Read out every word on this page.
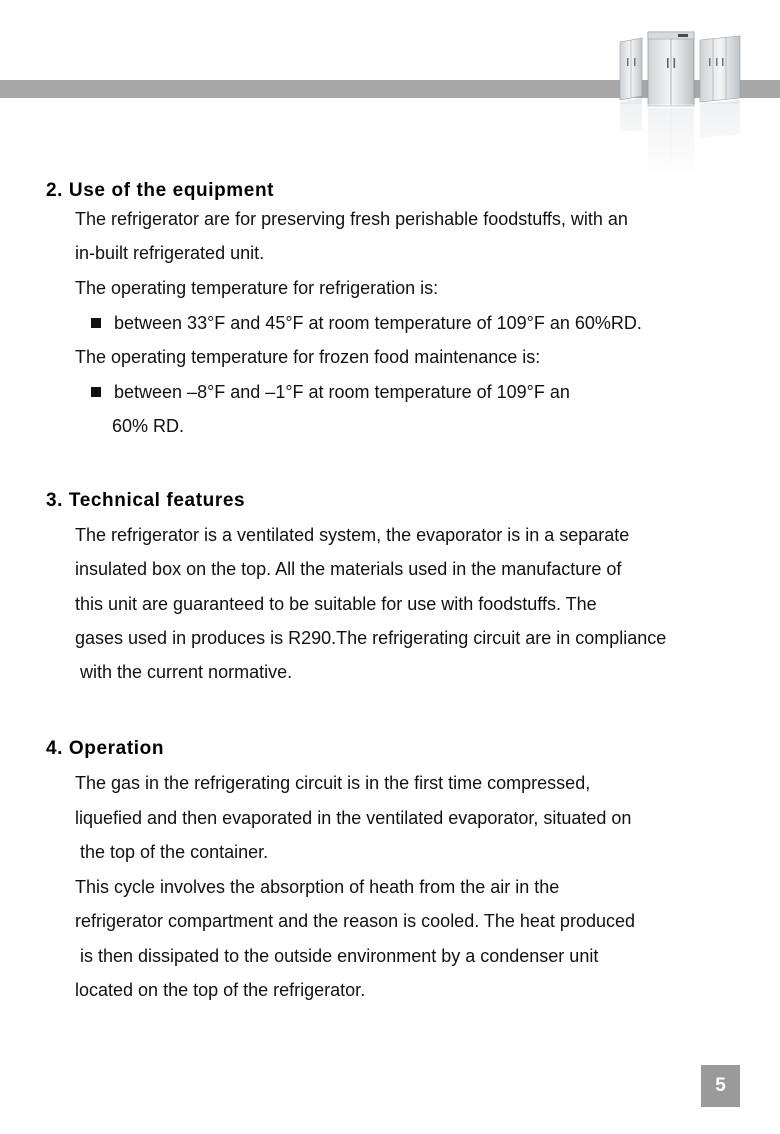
2. Use of the equipment
The refrigerator are for preserving fresh perishable foodstuffs, with an
in-built refrigerated unit.
The operating temperature for refrigeration is:
between 33°F and 45°F at room temperature of 109°F an 60%RD.
The operating temperature for frozen food maintenance is:
between –8°F and –1°F at room temperature of 109°F an
60% RD.
3. Technical features
The refrigerator is a ventilated system, the evaporator is in a separate
insulated box on the top. All the materials used in the manufacture of
this unit are guaranteed to be suitable for use with foodstuffs. The
gases used in produces is R290.The refrigerating circuit are in compliance
with the current normative.
4. Operation
The gas in the refrigerating circuit is in the first time compressed,
liquefied and then evaporated in the ventilated evaporator, situated on
the top of the container.
This cycle involves the absorption of heath from the air in the
refrigerator compartment and the reason is cooled. The heat produced
is then dissipated to the outside environment by a condenser unit
located on the top of the refrigerator.
5
